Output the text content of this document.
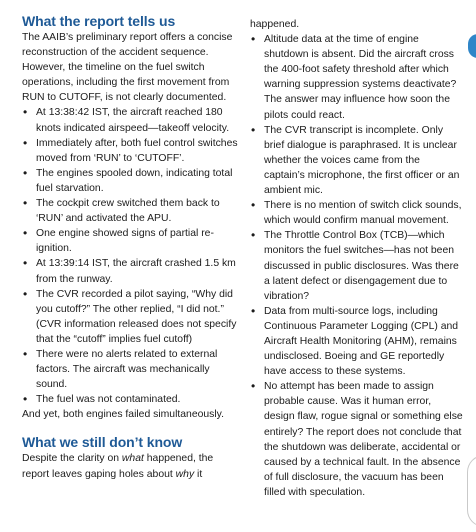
What the report tells us

The AAIB’s preliminary report offers a concise reconstruction of the accident sequence. However, the timeline on the fuel switch operations, including the first movement from RUN to CUTOFF, is not clearly documented.

• At 13:38:42 IST, the aircraft reached 180 knots indicated airspeed—takeoff velocity.
• Immediately after, both fuel control switches moved from ‘RUN’ to ‘CUTOFF’.
• The engines spooled down, indicating total fuel starvation.
• The cockpit crew switched them back to ‘RUN’ and activated the APU.
• One engine showed signs of partial re-ignition.
• At 13:39:14 IST, the aircraft crashed 1.5 km from the runway.
• The CVR recorded a pilot saying, “Why did you cutoff?” The other replied, “I did not.” (CVR information released does not specify that the “cutoff” implies fuel cutoff)
• There were no alerts related to external factors. The aircraft was mechanically sound.
• The fuel was not contaminated.

And yet, both engines failed simultaneously.

What we still don’t know

Despite the clarity on what happened, the report leaves gaping holes about why it

happened.

• Altitude data at the time of engine shutdown is absent. Did the aircraft cross the 400-foot safety threshold after which warning suppression systems deactivate? The answer may influence how soon the pilots could react.
• The CVR transcript is incomplete. Only brief dialogue is paraphrased. It is unclear whether the voices came from the captain’s microphone, the first officer or an ambient mic.
• There is no mention of switch click sounds, which would confirm manual movement.
• The Throttle Control Box (TCB)—which monitors the fuel switches—has not been discussed in public disclosures. Was there a latent defect or disengagement due to vibration?
• Data from multi-source logs, including Continuous Parameter Logging (CPL) and Aircraft Health Monitoring (AHM), remains undisclosed. Boeing and GE reportedly have access to these systems.
• No attempt has been made to assign probable cause. Was it human error, design flaw, rogue signal or something else entirely? The report does not conclude that the shutdown was deliberate, accidental or caused by a technical fault. In the absence of full disclosure, the vacuum has been filled with speculation.
